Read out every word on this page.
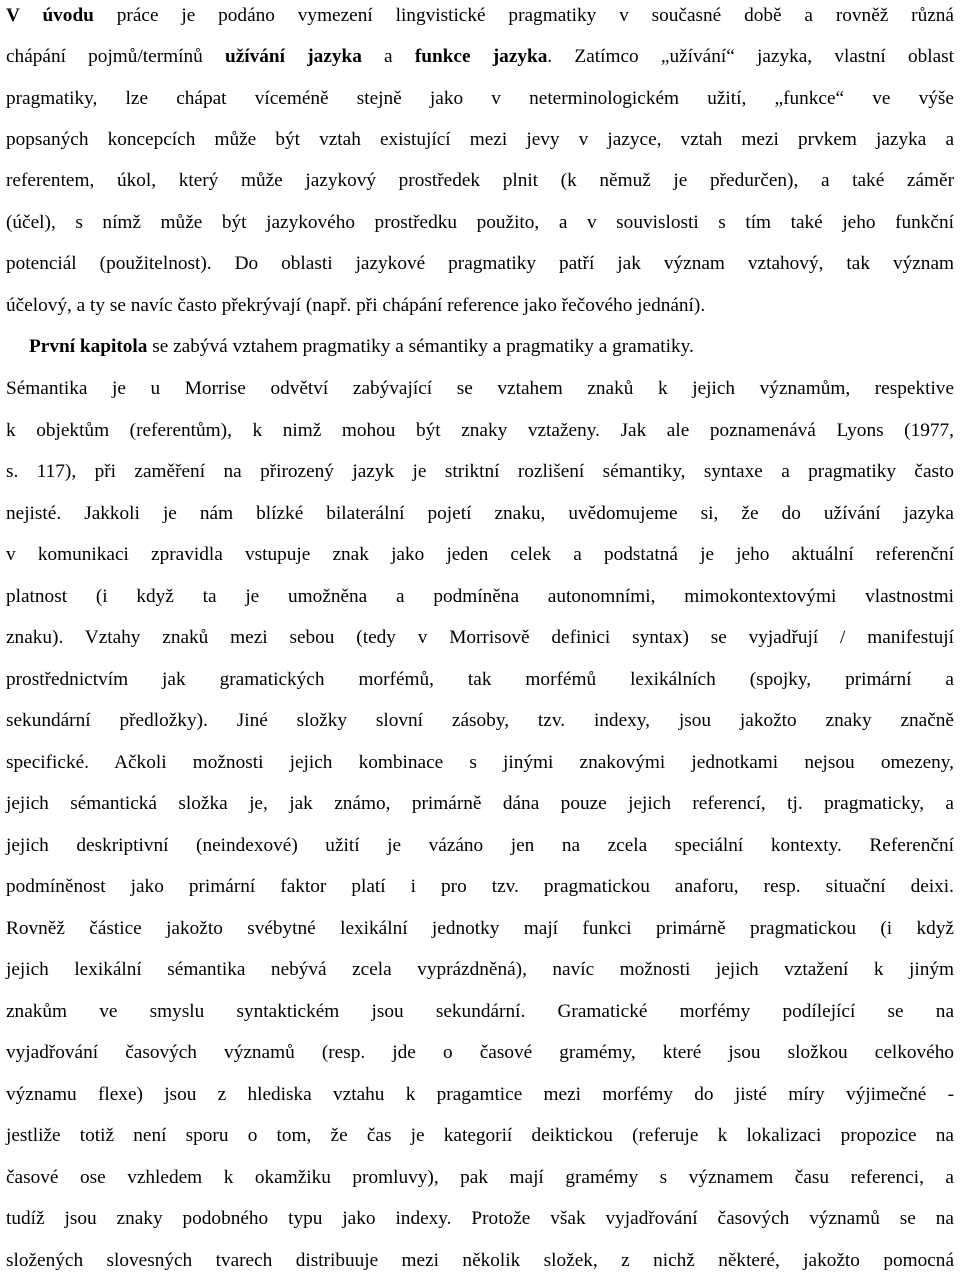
V úvodu práce je podáno vymezení lingvistické pragmatiky v současné době a rovněž různá
chápání pojmů/termínů užívání jazyka a funkce jazyka. Zatímco „užívání“ jazyka, vlastní oblast
pragmatiky, lze chápat víceméně stejně jako v neterminologickém užití, „funkce“ ve výše
popsaných koncepcích může být vztah existující mezi jevy v jazyce, vztah mezi prvkem jazyka a
referentem, úkol, který může jazykový prostředek plnit (k němuž je předurčen), a také záměr
(účel), s nímž může být jazykového prostředku použito, a v souvislosti s tím také jeho funkční
potenciál (použitelnost). Do oblasti jazykové pragmatiky patří jak význam vztahový, tak význam
účelový, a ty se navíc často překrývají (např. při chápání reference jako řečového jednání).
První kapitola se zabývá vztahem pragmatiky a sémantiky a pragmatiky a gramatiky.
Sémantika je u Morrise odvětví zabývající se vztahem znaků k jejich významům, respektive
k objektům (referentům), k nimž mohou být znaky vztaženy. Jak ale poznamenává Lyons (1977,
s. 117), při zaměření na přirozený jazyk je striktní rozlišení sémantiky, syntaxe a pragmatiky často
nejisté. Jakkoli je nám blízké bilaterální pojetí znaku, uvědomujeme si, že do užívání jazyka
v komunikaci zpravidla vstupuje znak jako jeden celek a podstatná je jeho aktuální referenční
platnost (i když ta je umožněna a podmíněna autonomními, mimokontextovými vlastnostmi
znaku). Vztahy znaků mezi sebou (tedy v Morrisově definici syntax) se vyjadřují / manifestují
prostřednictvím jak gramatických morfémů, tak morfémů lexikálních (spojky, primární a
sekundární předložky). Jiné složky slovní zásoby, tzv. indexy, jsou jakožto znaky značně
specifické. Ačkoli možnosti jejich kombinace s jinými znakovými jednotkami nejsou omezeny,
jejich sémantická složka je, jak známo, primárně dána pouze jejich referencí, tj. pragmaticky, a
jejich deskriptivní (neindexové) užití je vázáno jen na zcela speciální kontexty. Referenční
podmíněnost jako primární faktor platí i pro tzv. pragmatickou anaforu, resp. situační deixi.
Rovněž částice jakožto svébytné lexikální jednotky mají funkci primárně pragmatickou (i když
jejich lexikální sémantika nebývá zcela vyprázdněná), navíc možnosti jejich vztažení k jiným
znakům ve smyslu syntaktickém jsou sekundární. Gramatické morfémy podílející se na
vyjadřování časových významů (resp. jde o časové gramémy, které jsou složkou celkového
významu flexe) jsou z hlediska vztahu k pragamtice mezi morfémy do jisté míry výjimečné -
jestliže totiž není sporu o tom, že čas je kategorií deiktickou (referuje k lokalizaci propozice na
časové ose vzhledem k okamžiku promluvy), pak mají gramémy s významem času referenci, a
tudíž jsou znaky podobného typu jako indexy. Protože však vyjadřování časových významů se na
složených slovesných tvarech distribuuje mezi několik složek, z nichž některé, jakožto pomocná
